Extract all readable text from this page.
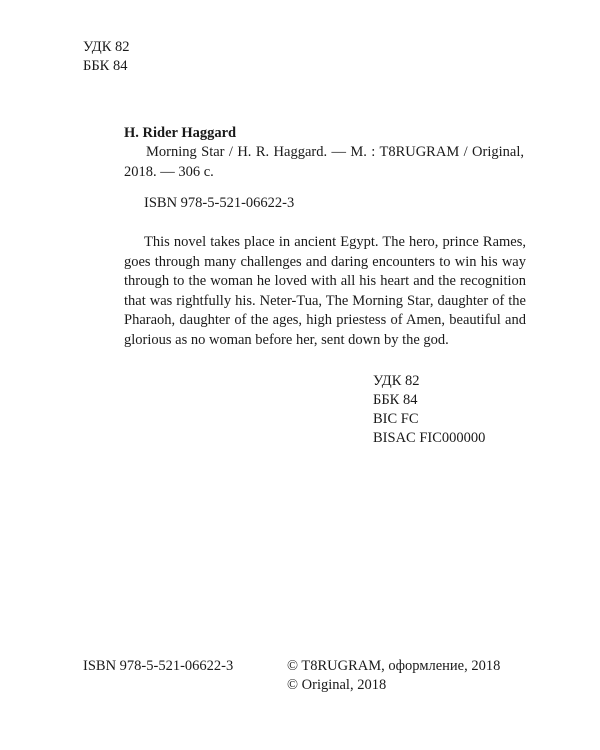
УДК 82
ББК 84
H. Rider Haggard
Morning Star / H. R. Haggard. — M. : T8RUGRAM / Original, 2018. — 306 c.
ISBN 978-5-521-06622-3
This novel takes place in ancient Egypt. The hero, prince Rames, goes through many challenges and daring encounters to win his way through to the woman he loved with all his heart and the recognition that was rightfully his. Neter-Tua, The Morning Star, daughter of the Pharaoh, daughter of the ages, high priestess of Amen, beautiful and glorious as no woman before her, sent down by the god.
УДК 82
ББК 84
BIC FC
BISAC FIC000000
ISBN 978-5-521-06622-3	© T8RUGRAM, оформление, 2018
© Original, 2018
